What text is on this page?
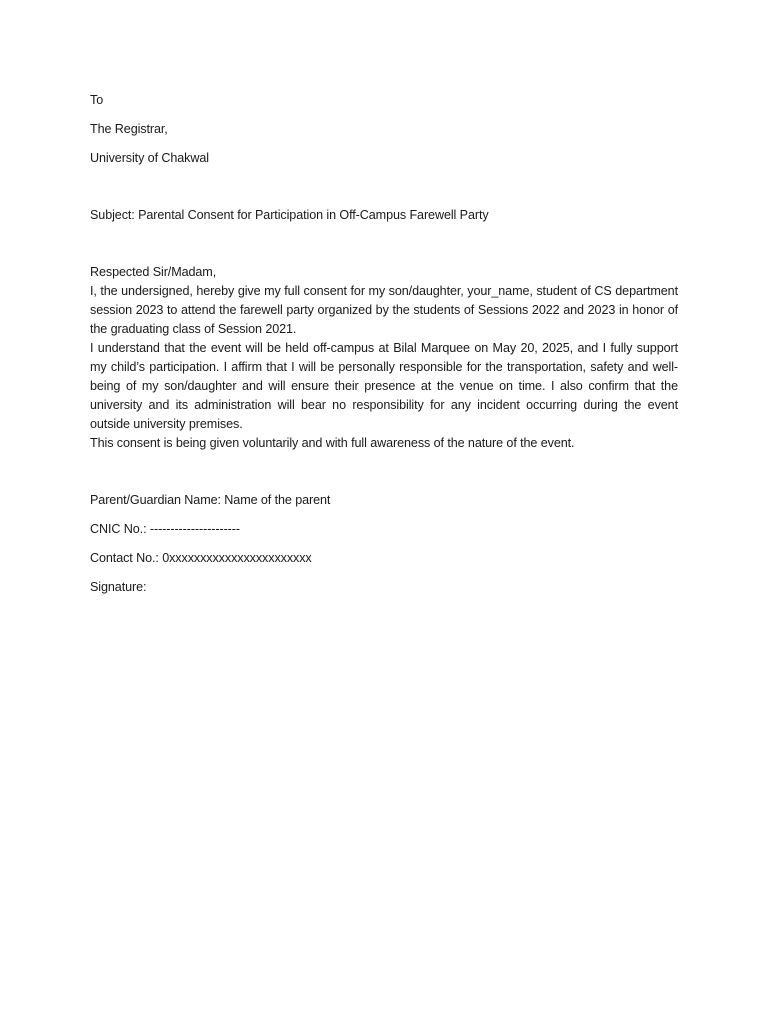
To

The Registrar,

University of Chakwal

Subject: Parental Consent for Participation in Off-Campus Farewell Party

Respected Sir/Madam,

I, the undersigned, hereby give my full consent for my son/daughter, your_name, student of CS department session 2023 to attend the farewell party organized by the students of Sessions 2022 and 2023 in honor of the graduating class of Session 2021.

I understand that the event will be held off-campus at Bilal Marquee on May 20, 2025, and I fully support my child’s participation. I affirm that I will be personally responsible for the transportation, safety and well-being of my son/daughter and will ensure their presence at the venue on time. I also confirm that the university and its administration will bear no responsibility for any incident occurring during the event outside university premises.

This consent is being given voluntarily and with full awareness of the nature of the event.

Parent/Guardian Name: Name of the parent

CNIC No.: ----------------------

Contact No.: 0xxxxxxxxxxxxxxxxxxxxxxx

Signature:
